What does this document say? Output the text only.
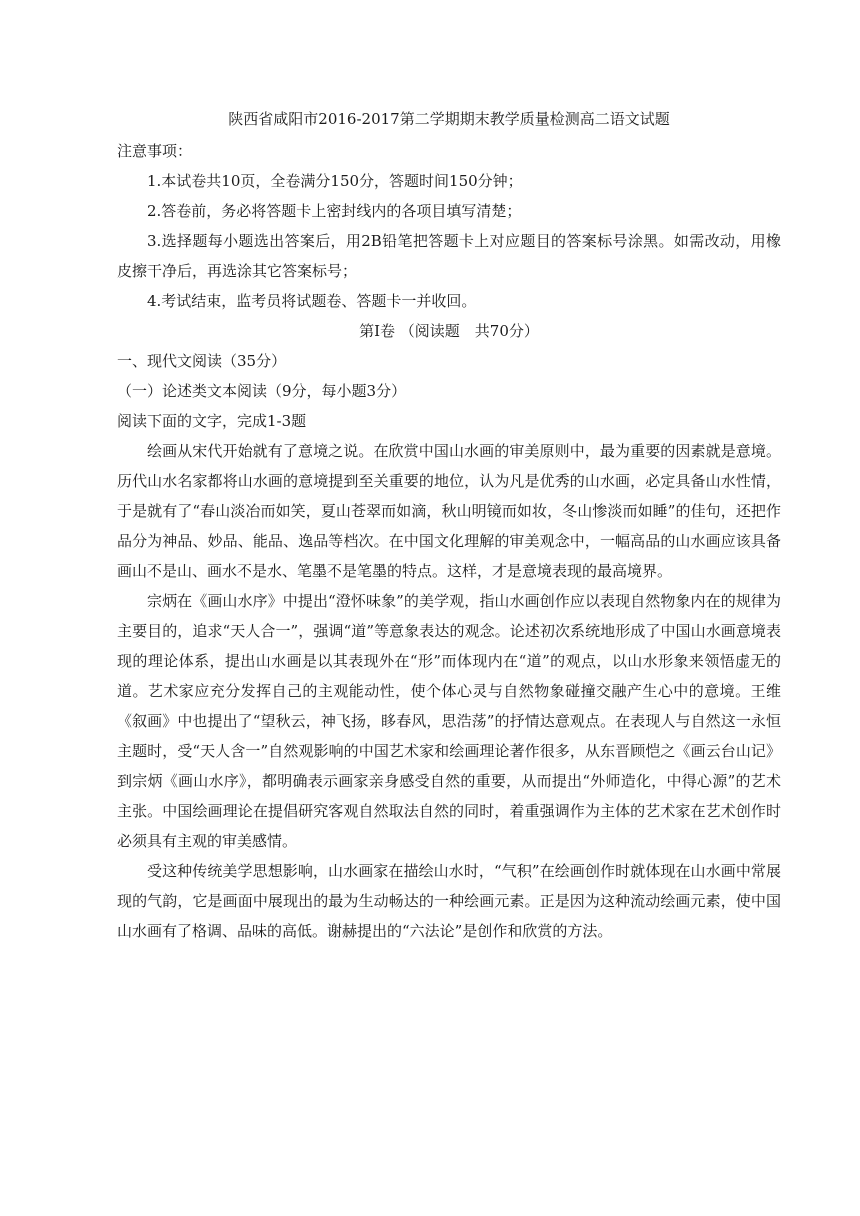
陕西省咸阳市2016-2017第二学期期末教学质量检测高二语文试题

注意事项：

1.本试卷共10页，全卷满分150分，答题时间150分钟；

2.答卷前，务必将答题卡上密封线内的各项目填写清楚；

3.选择题每小题选出答案后，用2B铅笔把答题卡上对应题目的答案标号涂黑。如需改动，用橡皮擦干净后，再选涂其它答案标号；

4.考试结束，监考员将试题卷、答题卡一并收回。

第Ⅰ卷 （阅读题　共70分）

一、现代文阅读（35分）

（一）论述类文本阅读（9分，每小题3分）

阅读下面的文字，完成1-3题

绘画从宋代开始就有了意境之说。在欣赏中国山水画的审美原则中，最为重要的因素就是意境。历代山水名家都将山水画的意境提到至关重要的地位，认为凡是优秀的山水画，必定具备山水性情，于是就有了“春山淡冶而如笑，夏山苍翠而如滴，秋山明镜而如妆，冬山惨淡而如睡”的佳句，还把作品分为神品、妙品、能品、逸品等档次。在中国文化理解的审美观念中，一幅高品的山水画应该具备画山不是山、画水不是水、笔墨不是笔墨的特点。这样，才是意境表现的最高境界。

宗炳在《画山水序》中提出“澄怀味象”的美学观，指山水画创作应以表现自然物象内在的规律为主要目的，追求“天人合一”，强调“道”等意象表达的观念。论述初次系统地形成了中国山水画意境表现的理论体系，提出山水画是以其表现外在“形”而体现内在“道”的观点，以山水形象来领悟虚无的道。艺术家应充分发挥自己的主观能动性，使个体心灵与自然物象碰撞交融产生心中的意境。王维《叙画》中也提出了“望秋云，神飞扬，眵春风，思浩荡”的抒情达意观点。在表现人与自然这一永恒主题时，受“天人含一”自然观影响的中国艺术家和绘画理论著作很多，从东晋顾恺之《画云台山记》到宗炳《画山水序》，都明确表示画家亲身感受自然的重要，从而提出“外师造化，中得心源”的艺术主张。中国绘画理论在提倡研究客观自然取法自然的同时，着重强调作为主体的艺术家在艺术创作时必须具有主观的审美感情。

受这种传统美学思想影响，山水画家在描绘山水时，“气积”在绘画创作时就体现在山水画中常展现的气韵，它是画面中展现出的最为生动畅达的一种绘画元素。正是因为这种流动绘画元素，使中国山水画有了格调、品味的高低。谢赫提出的“六法论”是创作和欣赏的方法。
